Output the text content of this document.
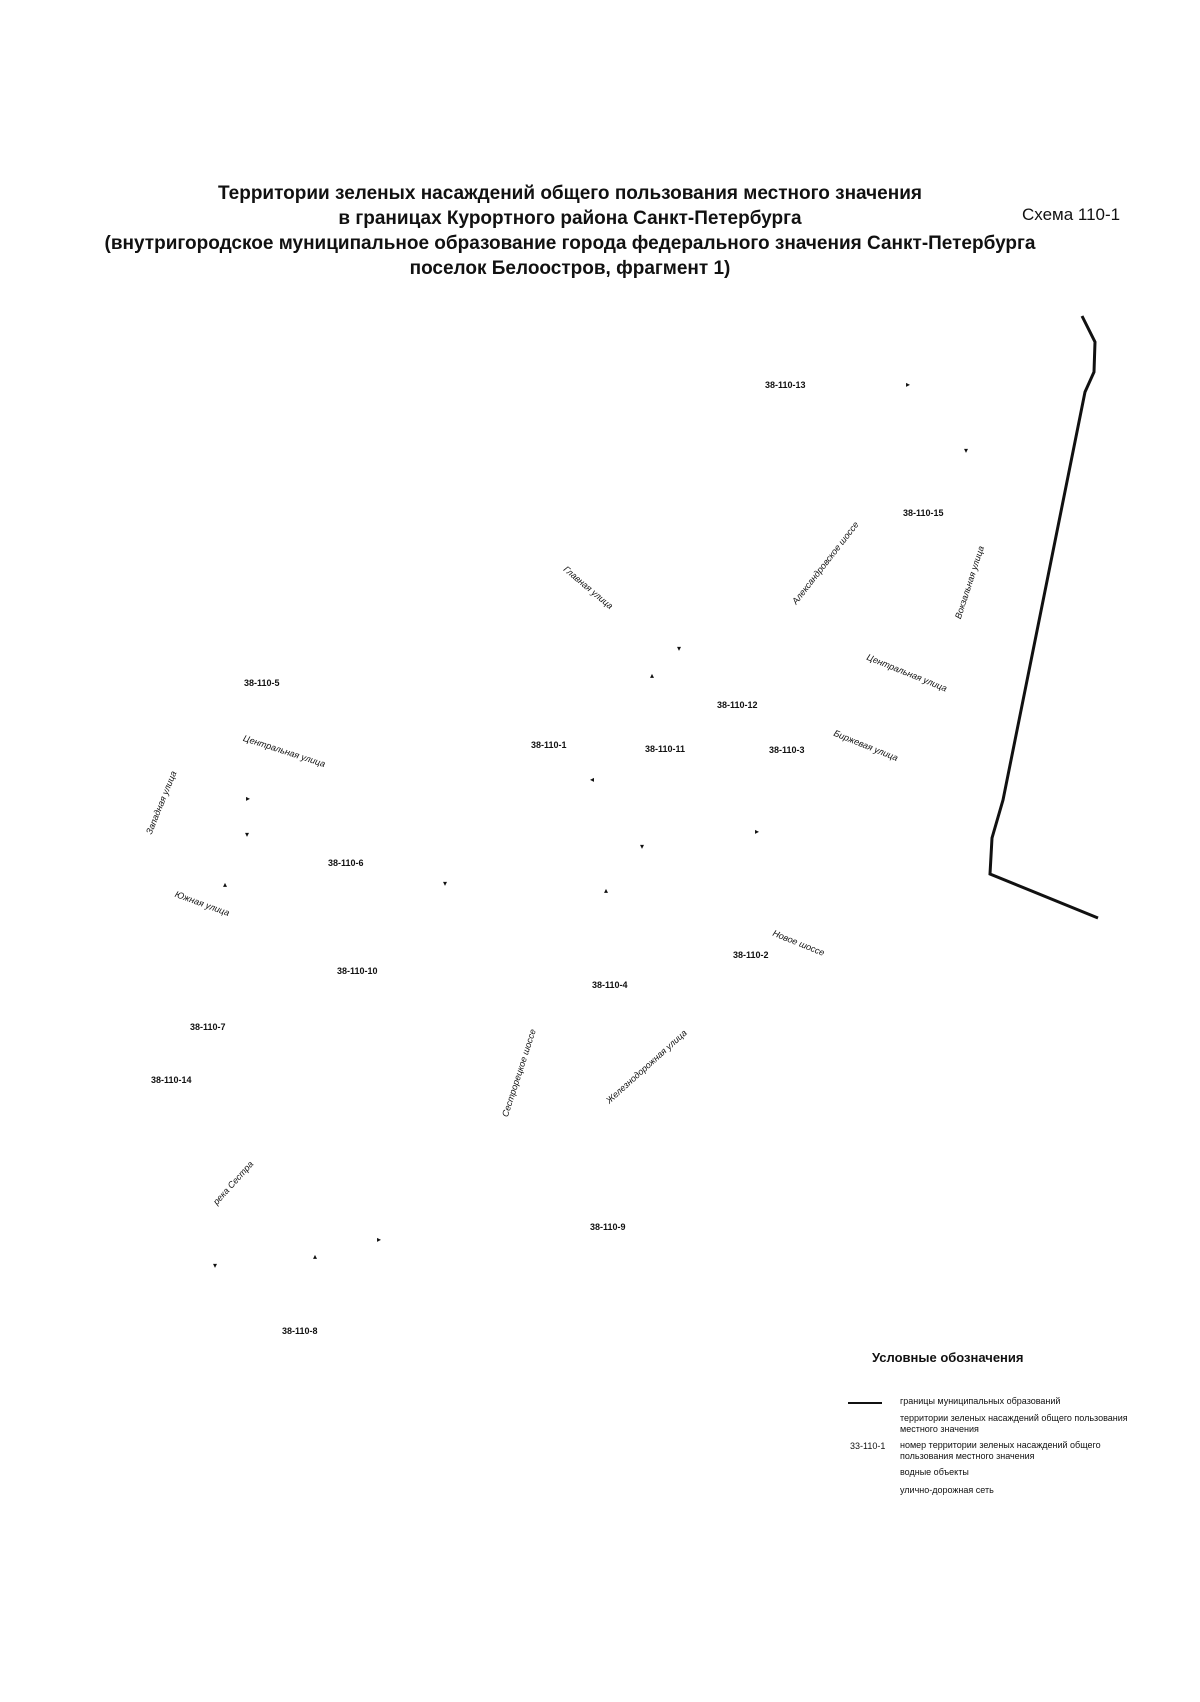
Территории зеленых насаждений общего пользования местного значения
в границах Курортного района Санкт-Петербурга
(внутригородское муниципальное образование города федерального значения Санкт-Петербурга
поселок Белоостров, фрагмент 1)
Схема 110-1
▸
▾
▾
▴
◂
▸
▾
▾
▸
▾
▴
▴
▸
▴
▾
38-110-13
38-110-15
38-110-5
38-110-12
38-110-1	38-110-11	38-110-3
38-110-6
38-110-2
38-110-10
38-110-4
38-110-7
38-110-14
38-110-9
38-110-8
Главная улица	Александровское шоссе	Вокзальная улица
Центральная улица
Биржевая улица
Центральная улица
Западная улица
Южная улица
Новое шоссе
Сестрорецкое шоссе	Железнодорожная улица
река Сестра
Условные обозначения
границы муниципальных образований
территории зеленых насаждений общего пользования местного значения
33-110-1 номер территории зеленых насаждений общего пользования местного значения
водные объекты
улично-дорожная сеть
